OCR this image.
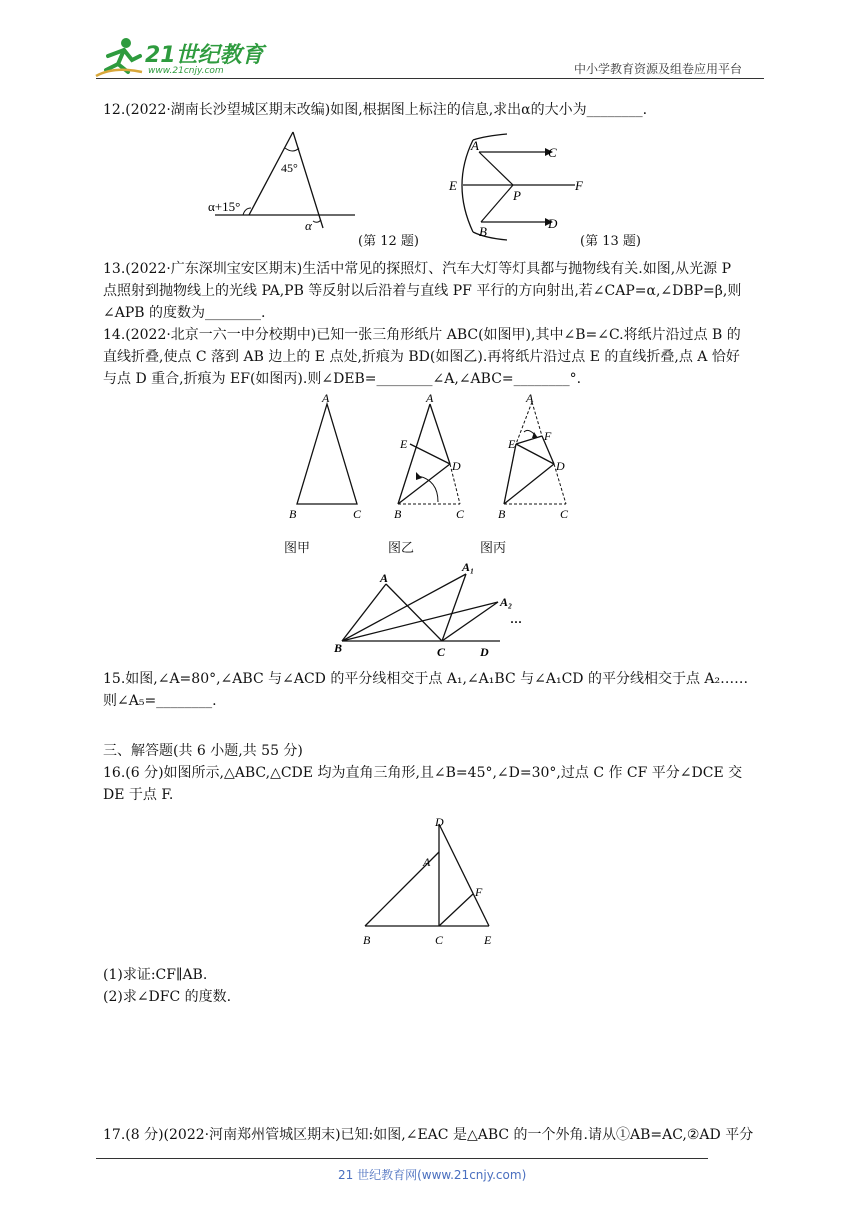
21世纪教育
www.21cnjy.com	中小学教育资源及组卷应用平台
12.(2022·湖南长沙望城区期末改编)如图,根据图上标注的信息,求出α的大小为________.
45°
α+15°
α
(第 12 题)
A	C
E
P
F
B
D
(第 13 题)
13.(2022·广东深圳宝安区期末)生活中常见的探照灯、汽车大灯等灯具都与抛物线有关.如图,从光源 P
点照射到抛物线上的光线 PA,PB 等反射以后沿着与直线 PF 平行的方向射出,若∠CAP=α,∠DBP=β,则
∠APB 的度数为________.
14.(2022·北京一六一中分校期中)已知一张三角形纸片 ABC(如图甲),其中∠B=∠C.将纸片沿过点 B 的
直线折叠,使点 C 落到 AB 边上的 E 点处,折痕为 BD(如图乙).再将纸片沿过点 E 的直线折叠,点 A 恰好
与点 D 重合,折痕为 EF(如图丙).则∠DEB=________∠A,∠ABC=________°.
A
B	C
A
E
D
B	C
A
E
F
D
B	C
图甲	图乙	图丙
A
A₁
A₂
···
B	C	D
15.如图,∠A=80°,∠ABC 与∠ACD 的平分线相交于点 A₁,∠A₁BC 与∠A₁CD 的平分线相交于点 A₂……
则∠A₅=________.
三、解答题(共 6 小题,共 55 分)
16.(6 分)如图所示,△ABC,△CDE 均为直角三角形,且∠B=45°,∠D=30°,过点 C 作 CF 平分∠DCE 交
DE 于点 F.
D
A
F
B	C	E
(1)求证:CF∥AB.
(2)求∠DFC 的度数.
17.(8 分)(2022·河南郑州管城区期末)已知:如图,∠EAC 是△ABC 的一个外角.请从①AB=AC,②AD 平分
21 世纪教育网(www.21cnjy.com)
